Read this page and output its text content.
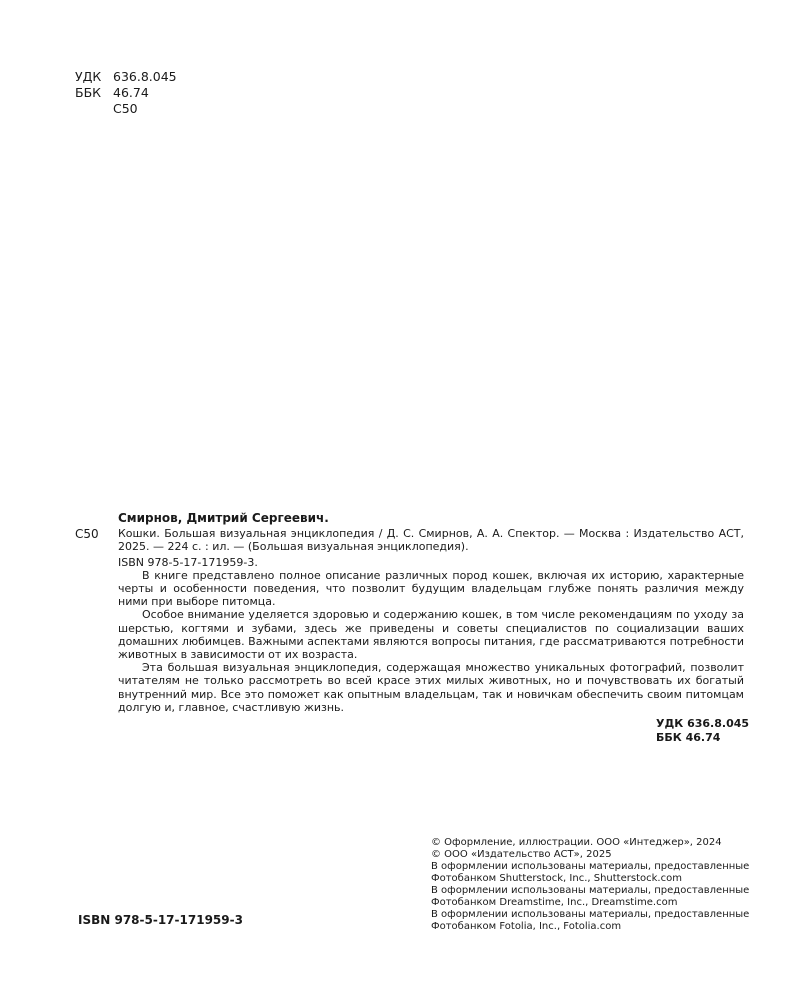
УДК 636.8.045
ББК 46.74
С50
С50
Смирнов, Дмитрий Сергеевич.
Кошки. Большая визуальная энциклопедия / Д. С. Смирнов, А. А. Спектор. — Москва : Издательство АСТ, 2025. — 224 с. : ил. — (Большая визуальная энциклопедия).
ISBN 978-5-17-171959-3.

В книге представлено полное описание различных пород кошек, включая их историю, характерные черты и особенности поведения, что позволит будущим владельцам глубже понять различия между ними при выборе питомца.

Особое внимание уделяется здоровью и содержанию кошек, в том числе рекомендациям по уходу за шерстью, когтями и зубами, здесь же приведены и советы специалистов по социализации ваших домашних любимцев. Важными аспектами являются вопросы питания, где рассматриваются потребности животных в зависимости от их возраста.

Эта большая визуальная энциклопедия, содержащая множество уникальных фотографий, позволит читателям не только рассмотреть во всей красе этих милых животных, но и почувствовать их богатый внутренний мир. Все это поможет как опытным владельцам, так и новичкам обеспечить своим питомцам долгую и, главное, счастливую жизнь.

УДК 636.8.045
ББК 46.74
ISBN 978-5-17-171959-3
© Оформление, иллюстрации. ООО «Интеджер», 2024
© ООО «Издательство АСТ», 2025
В оформлении использованы материалы, предоставленные Фотобанком Shutterstock, Inc., Shutterstock.com
В оформлении использованы материалы, предоставленные Фотобанком Dreamstime, Inc., Dreamstime.com
В оформлении использованы материалы, предоставленные Фотобанком Fotolia, Inc., Fotolia.com
